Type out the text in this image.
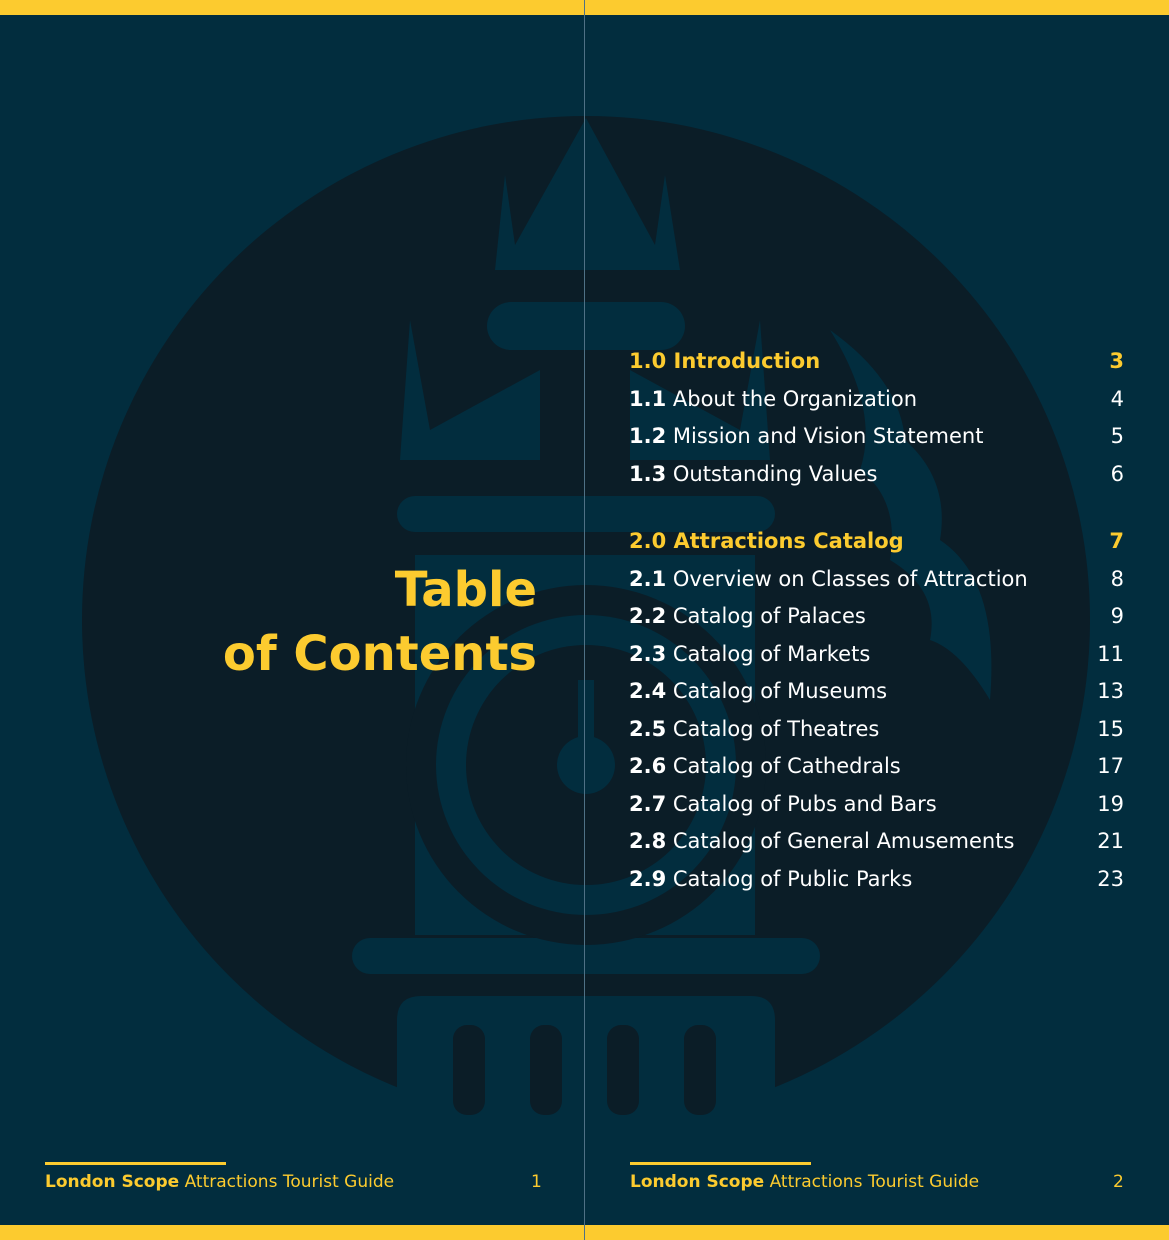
Table
of Contents
1.0 Introduction	3
1.1 About the Organization	4
1.2 Mission and Vision Statement	5
1.3 Outstanding Values	6
2.0 Attractions Catalog	7
2.1 Overview on Classes of Attraction	8
2.2 Catalog of Palaces	9
2.3 Catalog of Markets	11
2.4 Catalog of Museums	13
2.5 Catalog of Theatres	15
2.6 Catalog of Cathedrals	17
2.7 Catalog of Pubs and Bars	19
2.8 Catalog of General Amusements	21
2.9 Catalog of Public Parks	23
London Scope Attractions Tourist Guide	1	London Scope Attractions Tourist Guide	2
